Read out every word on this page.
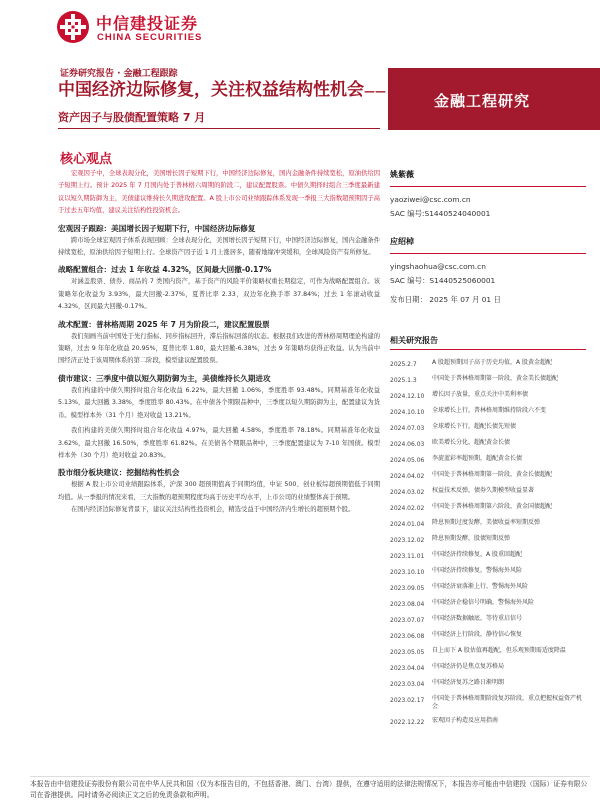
中信建投证券
CHINA SECURITIES
证券研究报告 · 金融工程跟踪
中国经济边际修复，关注权益结构性机会——资产因子与股债配置策略 7 月
金融工程研究
核心观点

宏观因子中，全球表现分化，美国增长因子短期下行，中国经济边际修复，国内金融条件持续宽松，原油供给因子短期上行。预计 2025 年 7 月国内处于普林格六周期的阶段二，建议配置股票。中债久期择时组合三季度最新建议以短久期防御为主，美债建议维持长久期进攻配置。A 股上市公司业绩跟踪体系发现一季报三大指数超预期因子高于过去五年均值，建议关注结构性投资机会。

宏观因子跟踪：美国增长因子短期下行，中国经济边际修复

跨市场全球宏观因子体系表现回顾：全球表现分化，美国增长因子短期下行，中国经济边际修复，国内金融条件持续宽松，原油供给因子短期上行。全球资产因子近 1 月上涨居多，随着地缘冲突缓和，全球风险资产有所修复。

战略配置组合：过去 1 年收益 4.32%，区间最大回撤-0.17%

对涵盖股票、债券、商品的 7 类国内资产，基于资产的风险平价策略权重长期稳定，可作为战略配置组合。该策略年化收益为 3.93%，最大回撤-2.37%，夏普比率 2.33，双边年化换手率 37.84%；过去 1 年滚动收益 4.32%，区间最大回撤-0.17%。

战术配置：普林格周期 2025 年 7 月为阶段二，建议配置股票

我们刻画当前中国处于先行指标、同步指标回升，滞后指标回落的状态。根据我们改进的普林格周期理论构建的策略，过去 9 年年化收益 20.95%，夏普比率 1.80，最大回撤-6.38%，过去 9 年策略均获得正收益。认为当前中国经济正处于该周期体系的第二阶段，模型建议配置股票。

债市建议：三季度中债以短久期防御为主，美债维持长久期进攻

我们构建的中债久期择时组合年化收益 6.22%，最大回撤 1.06%，季度胜率 93.48%。同期基准年化收益 5.13%，最大回撤 3.38%，季度胜率 80.43%。在中债各个期限品种中，三季度以短久期防御为主，配置建议为货币。模型样本外（31 个月）绝对收益 13.21%。

我们构建的美债久期择时组合年化收益 4.97%，最大回撤 4.58%，季度胜率 78.18%。同期基准年化收益 3.62%，最大回撤 16.50%，季度胜率 61.82%。在美债各个期限品种中，三季度配置建议为 7-10 年国债。模型样本外（30 个月）绝对收益 20.83%。

股市细分板块建议：挖掘结构性机会

根据 A 股上市公司业绩跟踪体系，沪深 300 超预期值高于同期均值，中证 500、创业板综超预期值低于同期均值。从一季报的情况来看，三大指数的超预期程度均高于历史平均水平，上市公司的业绩整体高于预期。

在国内经济边际修复背景下，建议关注结构性投资机会，精选受益于中国经济内生增长的超预期个股。

姚紫薇
yaoziwei@csc.com.cn
SAC 编号:S1440524040001
应绍棹
yingshaohua@csc.com.cn
SAC 编号：S1440525060001
发布日期： 2025 年 07 月 01 日
相关研究报告
2025.2.7	A 股超预期因子高于历史均值，A 股黄金超配
2025.1.3	中国处于普林格周期第一阶段，黄金美长债超配
2024.12.10	增长因子放量，重点关注中美利率债
2024.10.10	全球增长上行，普林格周期维持阶段六不变
2024.07.03	全球增长下行，超配长债先短债
2024.06.03	欧美增长分化，超配黄金长债
2024.05.06	李旋蓝彩率超预期，超配黄金长债
2024.04.02	中国处于普林格周期第一阶段，黄金长债超配
2024.03.02	权益技术反弹，债券久期模型收益显著
2024.02.02	中国处于普林格周期第六阶段，黄金国债超配
2024.01.04	降息预期过度发酵，美债收益率短期反弹
2023.12.02	降息预期发酵，股债短期反弹
2023.11.01	中国经济持续修复，A 股重回超配
2023.10.10	中国经济持续修复，警惕海外风险
2023.09.05	中国经济衰落渐上行，警惕海外风险
2023.08.04	中国经济企稳信号明确，警惕海外风险
2023.07.07	中国经济数据触底，等待重启信号
2023.06.08	中国经济上行阶段，静待信心恢复
2023.05.05	自上而下 A 股估值再超配，但乐观预期需适度降温
2023.04.04	中国经济仍是焦点复苏格局
2023.03.04	中国经济复苏之路日渐明朗
2023.02.17	中国处于普林格周期阶段复苏阶段，重点把握权益资产机会
2022.12.22	宏观因子构造及应用指南
本报告由中信建投证券股份有限公司在中华人民共和国（仅为本报告目的，不包括香港、澳门、台湾）提供，在遵守适用的法律法规情况下，本报告亦可能由中信建投（国际）证券有限公司在香港提供。同时请务必阅读正文之后的免责条款和声明。
